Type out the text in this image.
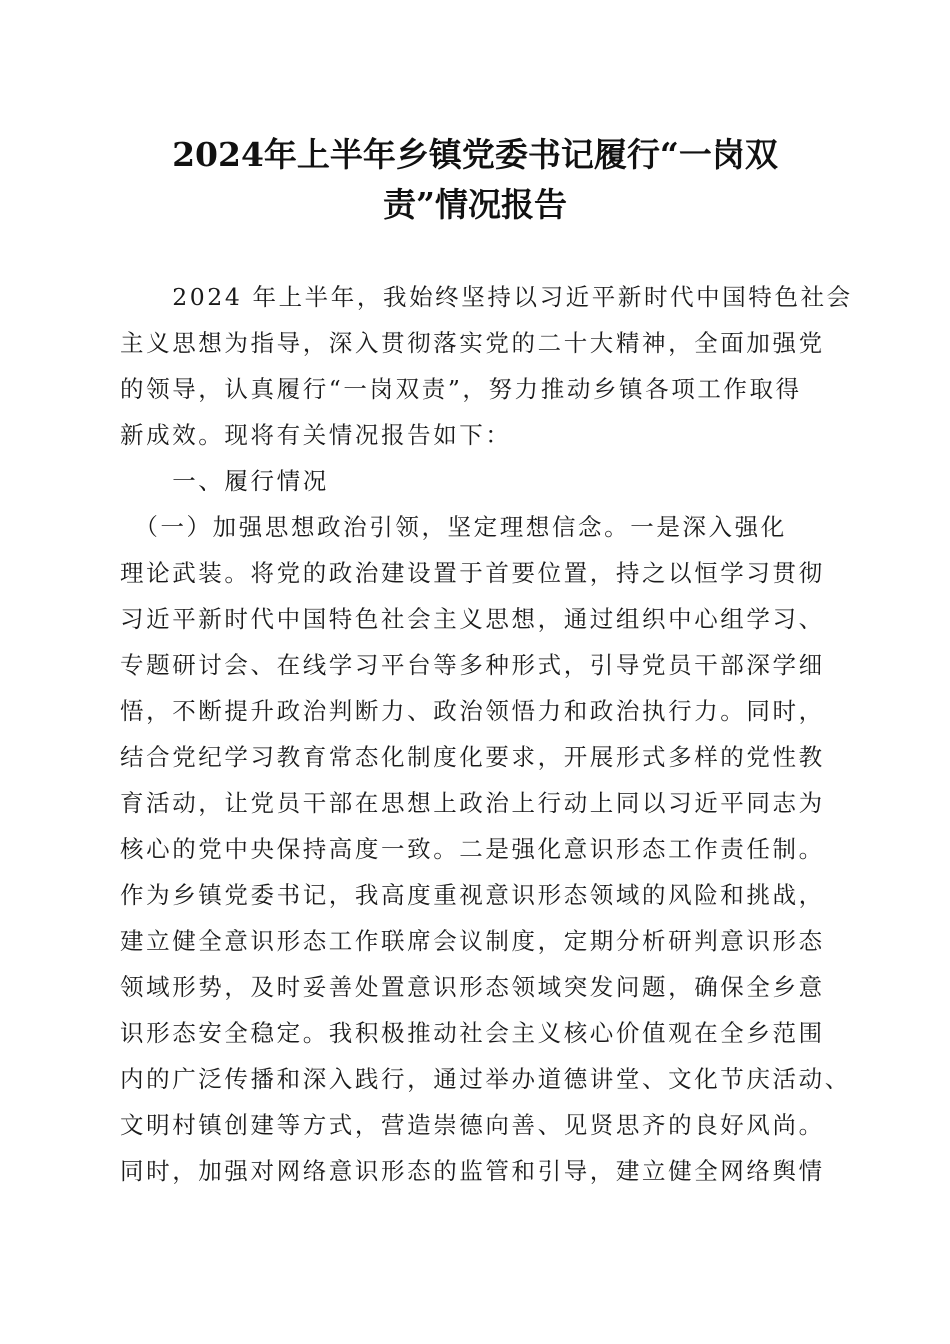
2024年上半年乡镇党委书记履行“一岗双
责”情况报告
　　2024 年上半年，我始终坚持以习近平新时代中国特色社会
主义思想为指导，深入贯彻落实党的二十大精神，全面加强党
的领导，认真履行“一岗双责”，努力推动乡镇各项工作取得
新成效。现将有关情况报告如下：
　　一、履行情况
　（一）加强思想政治引领，坚定理想信念。一是深入强化
理论武装。将党的政治建设置于首要位置，持之以恒学习贯彻
习近平新时代中国特色社会主义思想，通过组织中心组学习、
专题研讨会、在线学习平台等多种形式，引导党员干部深学细
悟，不断提升政治判断力、政治领悟力和政治执行力。同时，
结合党纪学习教育常态化制度化要求，开展形式多样的党性教
育活动，让党员干部在思想上政治上行动上同以习近平同志为
核心的党中央保持高度一致。二是强化意识形态工作责任制。
作为乡镇党委书记，我高度重视意识形态领域的风险和挑战，
建立健全意识形态工作联席会议制度，定期分析研判意识形态
领域形势，及时妥善处置意识形态领域突发问题，确保全乡意
识形态安全稳定。我积极推动社会主义核心价值观在全乡范围
内的广泛传播和深入践行，通过举办道德讲堂、文化节庆活动、
文明村镇创建等方式，营造崇德向善、见贤思齐的良好风尚。
同时，加强对网络意识形态的监管和引导，建立健全网络舆情
